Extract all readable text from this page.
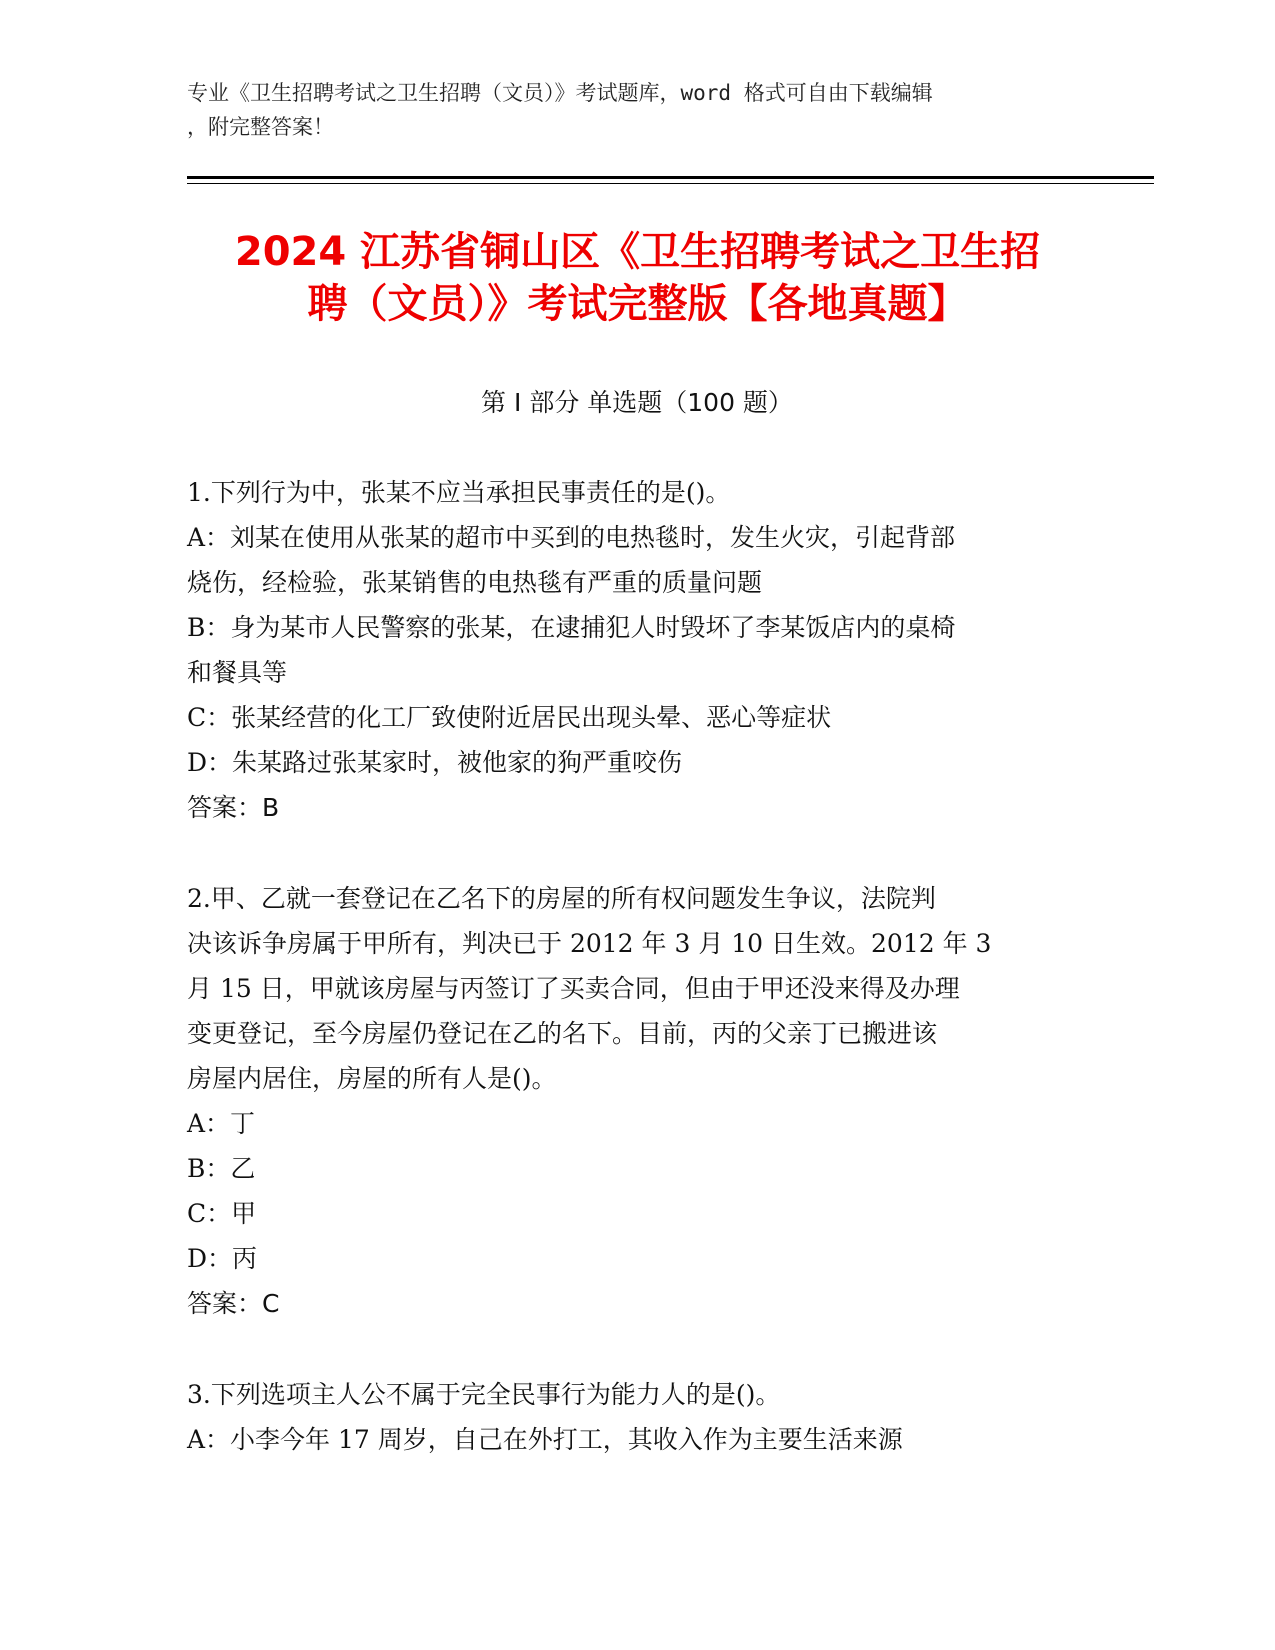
专业《卫生招聘考试之卫生招聘（文员）》考试题库，word 格式可自由下载编辑
，附完整答案！
2024 江苏省铜山区《卫生招聘考试之卫生招
聘（文员）》考试完整版【各地真题】
第 I 部分 单选题（100 题）

1.下列行为中，张某不应当承担民事责任的是()。

A：刘某在使用从张某的超市中买到的电热毯时，发生火灾，引起背部

烧伤，经检验，张某销售的电热毯有严重的质量问题

B：身为某市人民警察的张某，在逮捕犯人时毁坏了李某饭店内的桌椅

和餐具等

C：张某经营的化工厂致使附近居民出现头晕、恶心等症状

D：朱某路过张某家时，被他家的狗严重咬伤

答案：B

2.甲、乙就一套登记在乙名下的房屋的所有权问题发生争议，法院判

决该诉争房属于甲所有，判决已于 2012 年 3 月 10 日生效。2012 年 3

月 15 日，甲就该房屋与丙签订了买卖合同，但由于甲还没来得及办理

变更登记，至今房屋仍登记在乙的名下。目前，丙的父亲丁已搬进该

房屋内居住，房屋的所有人是()。

A：丁

B：乙

C：甲

D：丙

答案：C

3.下列选项主人公不属于完全民事行为能力人的是()。

A：小李今年 17 周岁，自己在外打工，其收入作为主要生活来源
